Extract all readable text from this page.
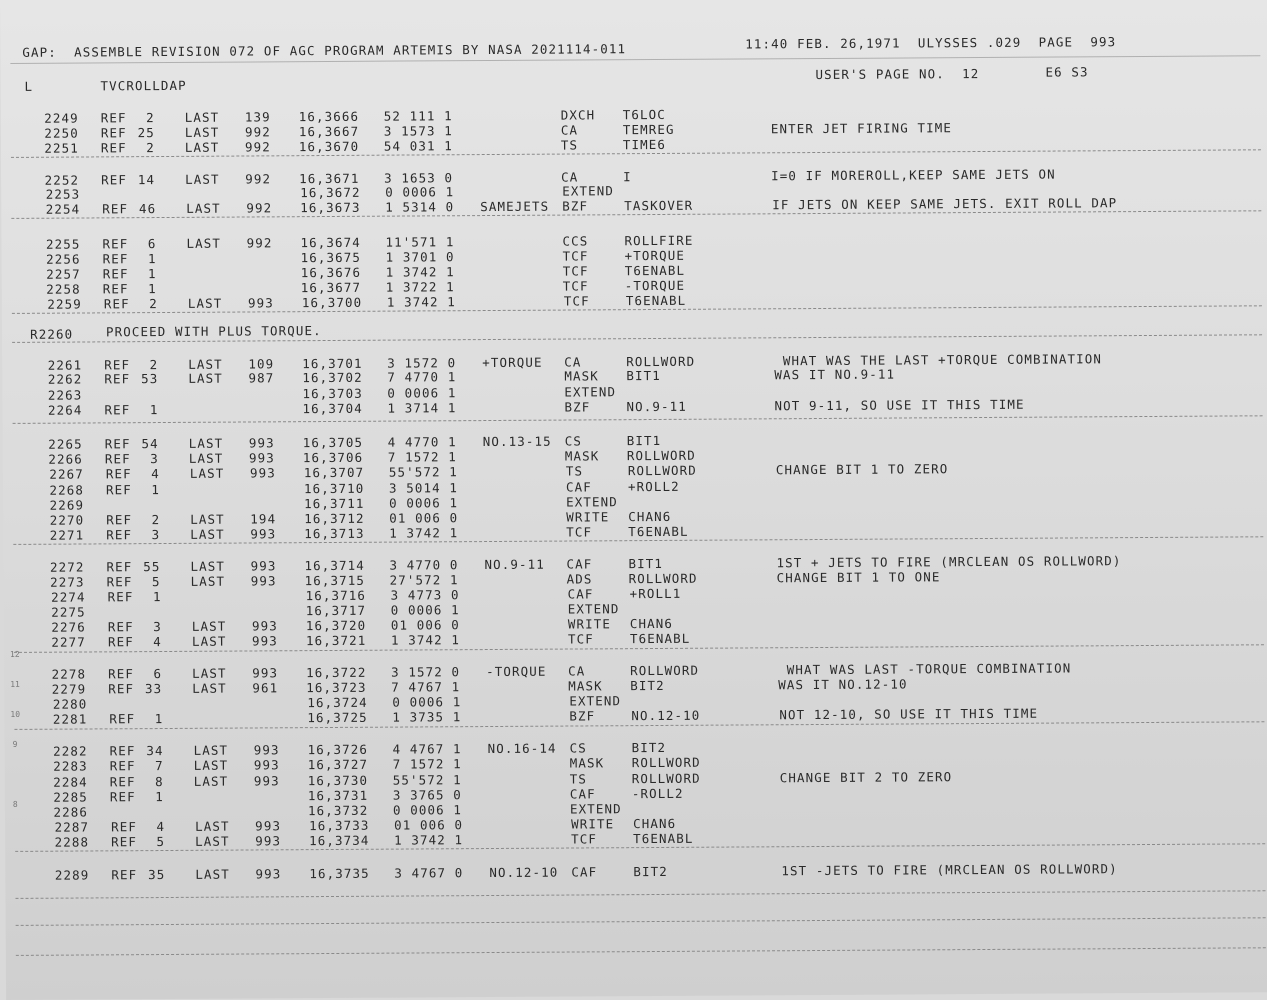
GAP:  ASSEMBLE REVISION 072 OF AGC PROGRAM ARTEMIS BY NASA 2021114-011	11:40 FEB. 26,1971  ULYSSES .029  PAGE  993
L	TVCROLLDAP
USER'S PAGE NO.  12	E6 S3
R2260	PROCEED WITH PLUS TORQUE.
2249 REF	2 LAST	139 16,3666 52 111 1	DXCH T6LOC
2250 REF 25 LAST	992 16,3667 3 1573 1	CA	TEMREG	ENTER JET FIRING TIME
2251 REF	2 LAST	992 16,3670 54 031 1	TS	TIME6
2252 REF 14 LAST	992 16,3671 3 1653 0	CA	I	I=0 IF MOREROLL,KEEP SAME JETS ON
2253	16,3672 0 0006 1	EXTEND
2254 REF 46 LAST	992 16,3673 1 5314 0 SAMEJETS BZF	TASKOVER	IF JETS ON KEEP SAME JETS. EXIT ROLL DAP
2255 REF	6 LAST	992 16,3674 11'571 1	CCS	ROLLFIRE
2256 REF	1	16,3675 1 3701 0	TCF	+TORQUE
2257 REF	1	16,3676 1 3742 1	TCF	T6ENABL
2258 REF	1	16,3677 1 3722 1	TCF	-TORQUE
2259 REF	2 LAST	993 16,3700 1 3742 1	TCF	T6ENABL
2261 REF	2 LAST	109 16,3701 3 1572 0 +TORQUE CA	ROLLWORD	WHAT WAS THE LAST +TORQUE COMBINATION
2262 REF 53 LAST	987 16,3702 7 4770 1	MASK BIT1	WAS IT NO.9-11
2263	16,3703 0 0006 1	EXTEND
2264 REF	1	16,3704 1 3714 1	BZF	NO.9-11	NOT 9-11, SO USE IT THIS TIME
2265 REF 54 LAST	993 16,3705 4 4770 1 NO.13-15 CS	BIT1
2266 REF	3 LAST	993 16,3706 7 1572 1	MASK ROLLWORD
2267 REF	4 LAST	993 16,3707 55'572 1	TS	ROLLWORD	CHANGE BIT 1 TO ZERO
2268 REF	1	16,3710 3 5014 1	CAF	+ROLL2
2269	16,3711 0 0006 1	EXTEND
2270 REF	2 LAST	194 16,3712 01 006 0	WRITE CHAN6
2271 REF	3 LAST	993 16,3713 1 3742 1	TCF	T6ENABL
2272 REF 55 LAST	993 16,3714 3 4770 0 NO.9-11 CAF	BIT1	1ST + JETS TO FIRE (MRCLEAN OS ROLLWORD)
2273 REF	5 LAST	993 16,3715 27'572 1	ADS	ROLLWORD	CHANGE BIT 1 TO ONE
2274 REF	1	16,3716 3 4773 0	CAF	+ROLL1
2275	16,3717 0 0006 1	EXTEND
2276 REF	3 LAST	993 16,3720 01 006 0	WRITE CHAN6
2277 REF	4 LAST	993 16,3721 1 3742 1	TCF	T6ENABL
2278 REF	6 LAST	993 16,3722 3 1572 0 -TORQUE CA	ROLLWORD	WHAT WAS LAST -TORQUE COMBINATION
2279 REF 33 LAST	961 16,3723 7 4767 1	MASK BIT2	WAS IT NO.12-10
2280	16,3724 0 0006 1	EXTEND
2281 REF	1	16,3725 1 3735 1	BZF	NO.12-10	NOT 12-10, SO USE IT THIS TIME
2282 REF 34 LAST	993 16,3726 4 4767 1 NO.16-14 CS	BIT2
2283 REF	7 LAST	993 16,3727 7 1572 1	MASK ROLLWORD
2284 REF	8 LAST	993 16,3730 55'572 1	TS	ROLLWORD	CHANGE BIT 2 TO ZERO
2285 REF	1	16,3731 3 3765 0	CAF	-ROLL2
2286	16,3732 0 0006 1	EXTEND
2287 REF	4 LAST	993 16,3733 01 006 0	WRITE CHAN6
2288 REF	5 LAST	993 16,3734 1 3742 1	TCF	T6ENABL
2289 REF 35 LAST	993 16,3735 3 4767 0 NO.12-10 CAF	BIT2	1ST -JETS TO FIRE (MRCLEAN OS ROLLWORD)
12
11
10
9
8
